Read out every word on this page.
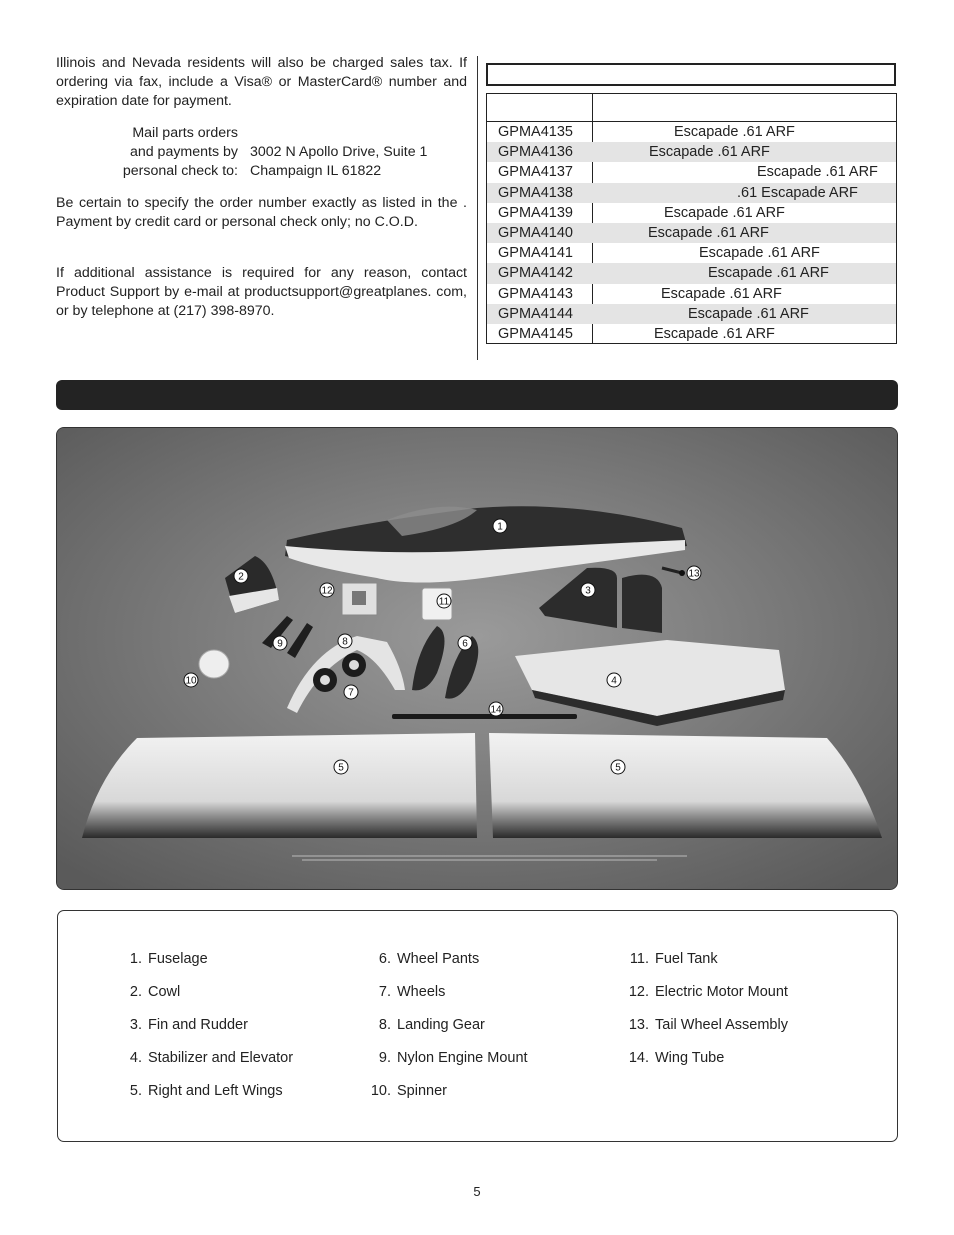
Illinois and Nevada residents will also be charged sales tax. If ordering via fax, include a Visa® or MasterCard® number and expiration date for payment.

Mail parts orders
and payments by
personal check to:
3002 N Apollo Drive, Suite 1
Champaign IL 61822

Be certain to specify the order number exactly as listed in the . Payment by credit card or personal check only; no C.O.D.

If additional assistance is required for any reason, contact Product Support by e-mail at productsupport@greatplanes. com, or by telephone at (217) 398-8970.

GPMA4135	Escapade .61 ARF
GPMA4136	Escapade .61 ARF
GPMA4137	Escapade .61 ARF
GPMA4138	.61 Escapade ARF
GPMA4139	Escapade .61 ARF
GPMA4140	Escapade .61 ARF
GPMA4141	Escapade .61 ARF
GPMA4142	Escapade .61 ARF
GPMA4143	Escapade .61 ARF
GPMA4144	Escapade .61 ARF
GPMA4145	Escapade .61 ARF
1
2
3
4
5	5
6
7
8
9
10
11
12
13
14
1. Fuselage
2. Cowl
3. Fin and Rudder
4. Stabilizer and Elevator
5. Right and Left Wings
6. Wheel Pants
7. Wheels
8. Landing Gear
9. Nylon Engine Mount
10. Spinner
11. Fuel Tank
12. Electric Motor Mount
13. Tail Wheel Assembly
14. Wing Tube
5
